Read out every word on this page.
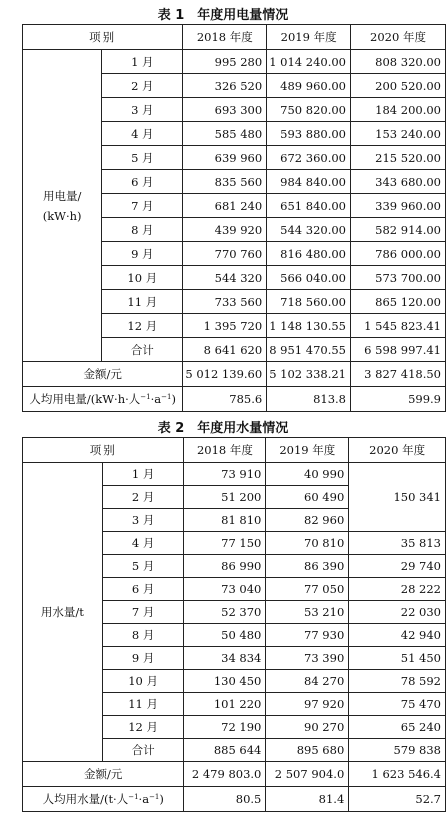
表 1　年度用电量情况
项别		2018 年度	2019 年度	2020 年度

用电量/
(kW·h)	1 月	995 280	1 014 240.00	808 320.00
	2 月	326 520	489 960.00	200 520.00
	3 月	693 300	750 820.00	184 200.00
	4 月	585 480	593 880.00	153 240.00
	5 月	639 960	672 360.00	215 520.00
	6 月	835 560	984 840.00	343 680.00
	7 月	681 240	651 840.00	339 960.00
	8 月	439 920	544 320.00	582 914.00
	9 月	770 760	816 480.00	786 000.00
	10 月	544 320	566 040.00	573 700.00
	11 月	733 560	718 560.00	865 120.00
	12 月	1 395 720	1 148 130.55	1 545 823.41
	合计	8 641 620	8 951 470.55	6 598 997.41
金额/元		5 012 139.60	5 102 338.21	3 827 418.50
人均用电量/(kW·h·人$^{-1}\cdot a^{-1}$)		785.6	813.8	599.9
表 2　年度用水量情况
项别		2018 年度	2019 年度	2020 年度
用水量/t	1 月	73 910	40 990	150 341
	2 月	51 200	60 490	
	3 月	81 810	82 960	
	4 月	77 150	70 810	35 813
	5 月	86 990	86 390	29 740
	6 月	73 040	77 050	28 222
	7 月	52 370	53 210	22 030
	8 月	50 480	77 930	42 940
	9 月	34 834	73 390	51 450
	10 月	130 450	84 270	78 592
	11 月	101 220	97 920	75 470
	12 月	72 190	90 270	65 240
	合计	885 644	895 680	579 838
金额/元		2 479 803.0	2 507 904.0	1 623 546.4
人均用水量/(t·人$^{-1}\cdot a^{-1}$)		80.5	81.4	52.7
